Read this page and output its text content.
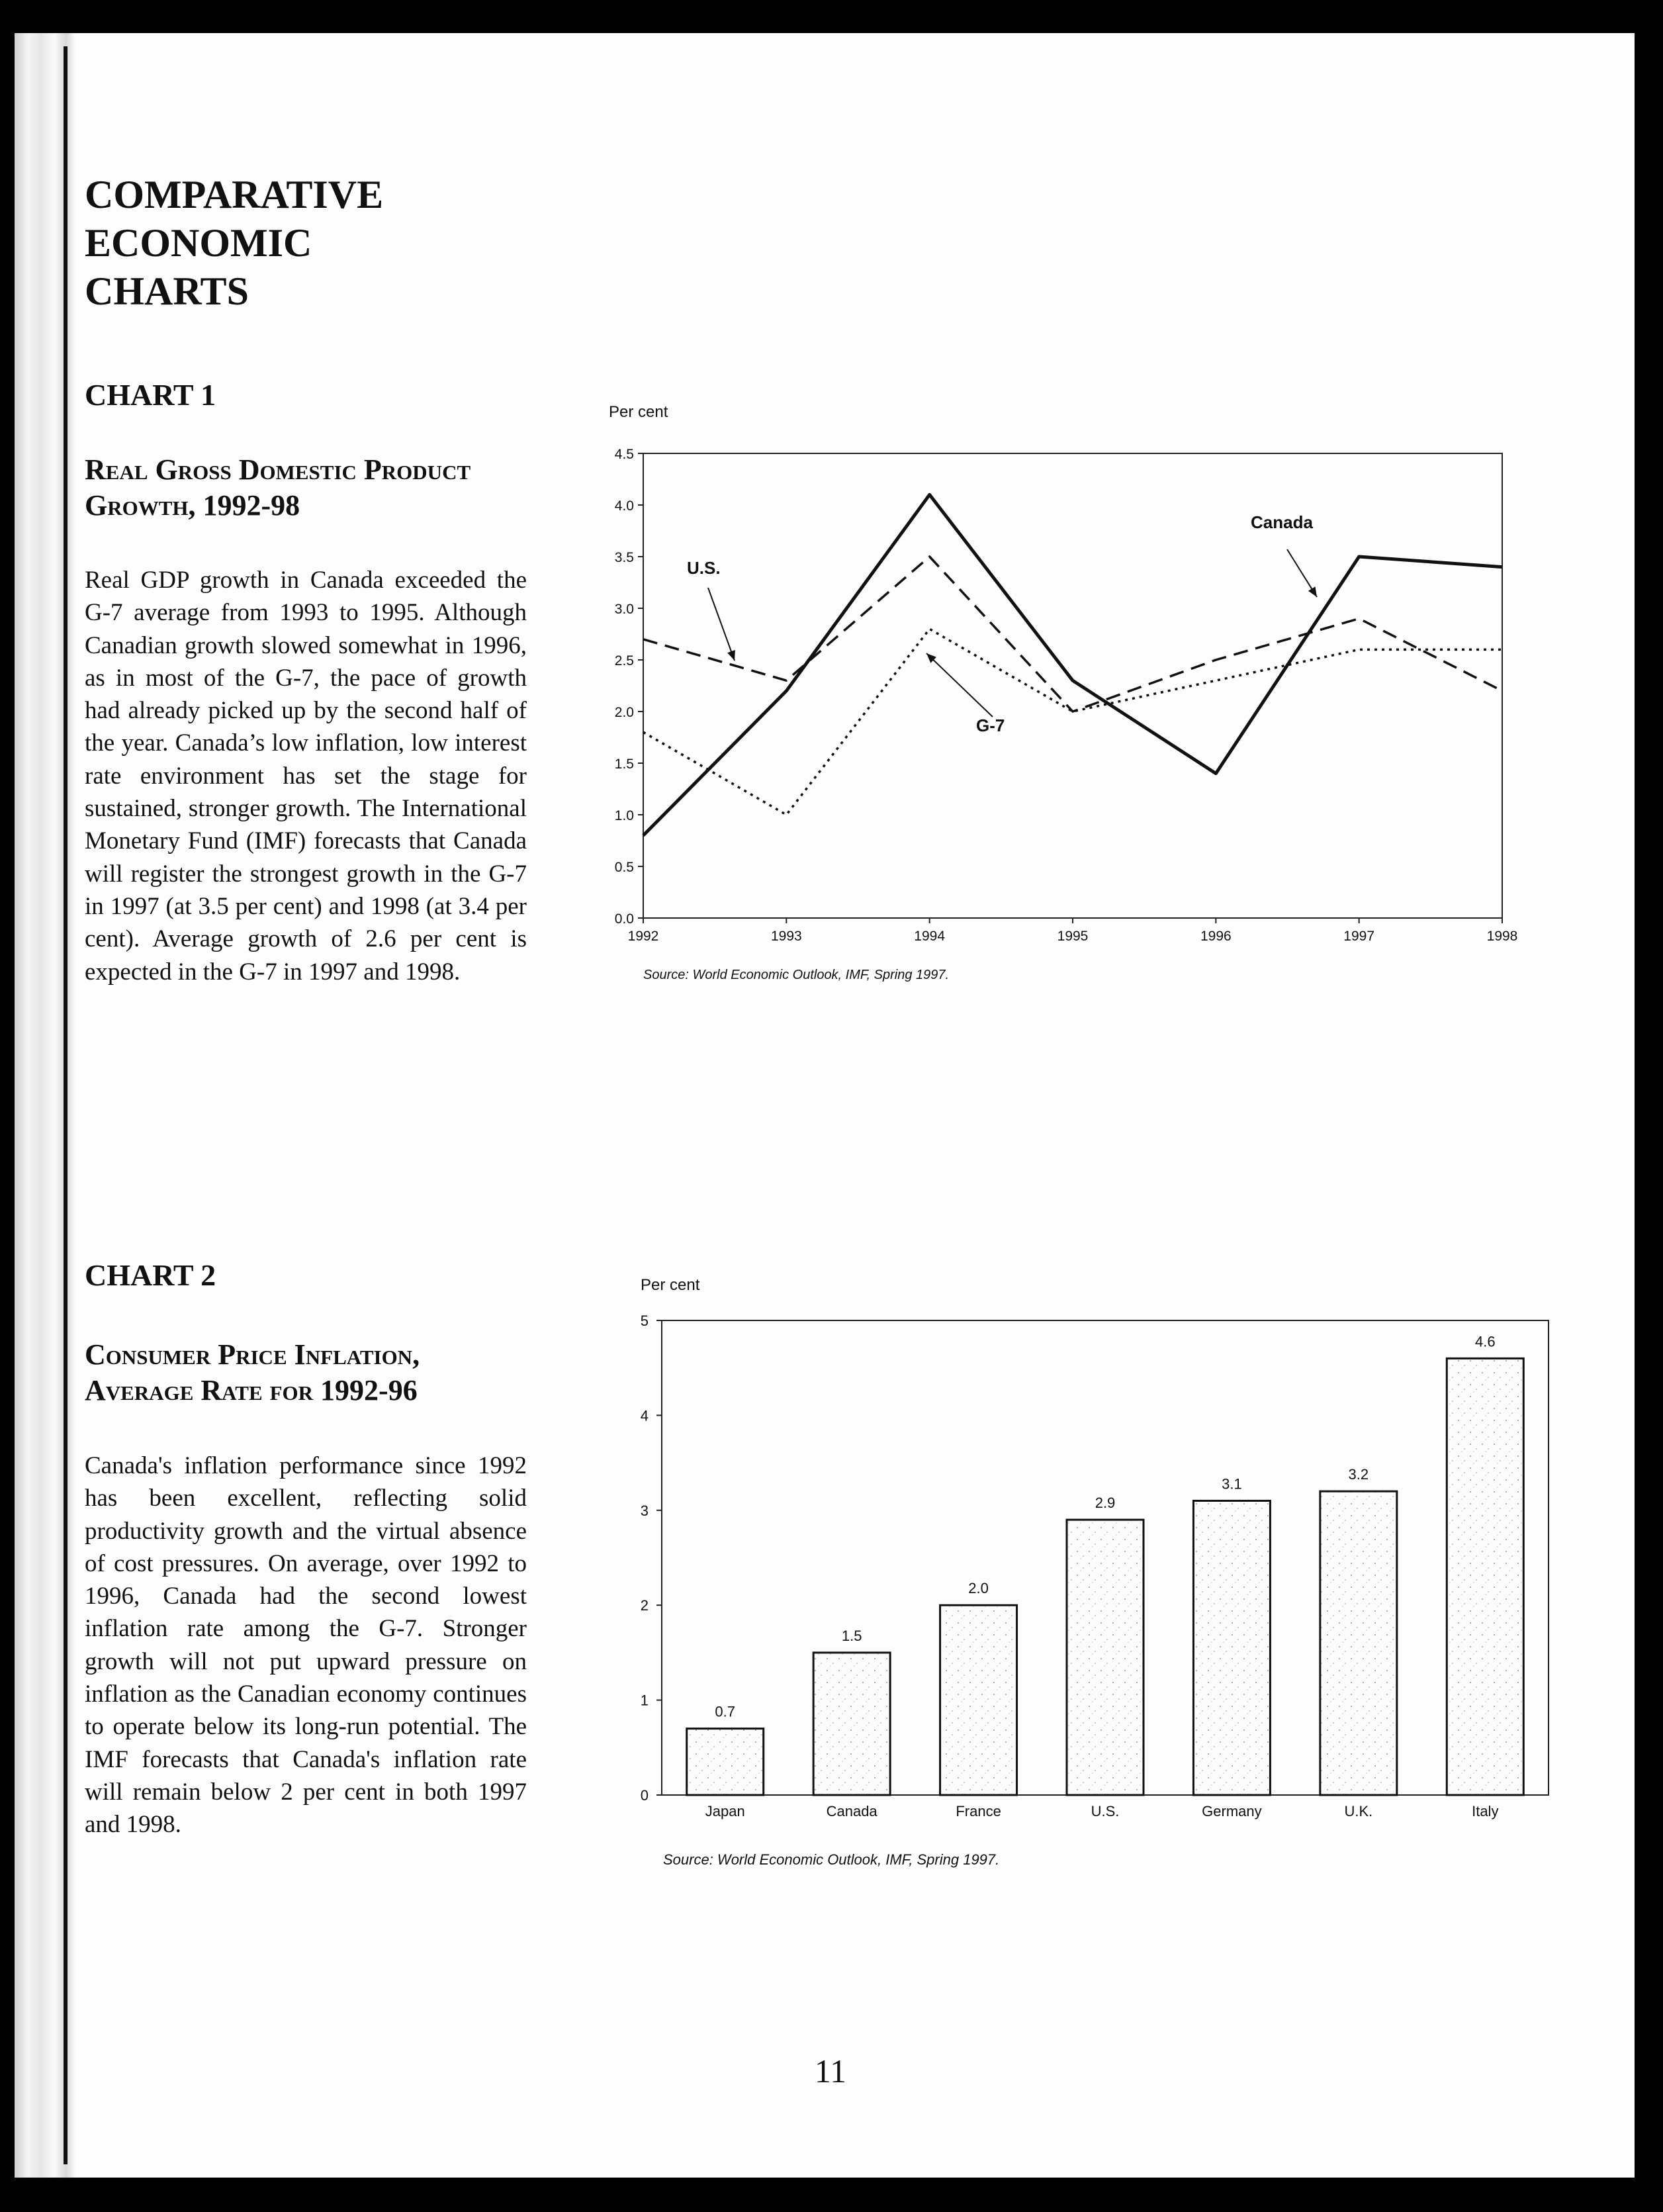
COMPARATIVE
ECONOMIC
CHARTS
CHART 1
Real Gross Domestic Product
Growth, 1992-98

Real GDP growth in Canada exceeded the G-7 average from 1993 to 1995. Although Canadian growth slowed somewhat in 1996, as in most of the G-7, the pace of growth had already picked up by the second half of the year. Canada’s low inflation, low interest rate environment has set the stage for sustained, stronger growth. The International Monetary Fund (IMF) forecasts that Canada will register the strongest growth in the G-7 in 1997 (at 3.5 per cent) and 1998 (at 3.4 per cent). Average growth of 2.6 per cent is expected in the G-7 in 1997 and 1998.

Per cent
0.0
0.5
1.0
1.5
2.0
2.5
3.0
3.5
4.0
4.5
1992	1993	1994	1995	1996	1997	1998
Canada
U.S.
G-7
Source: World Economic Outlook, IMF, Spring 1997.
CHART 2
Consumer Price Inflation,
Average Rate for 1992-96

Canada's inflation performance since 1992 has been excellent, reflecting solid productivity growth and the virtual absence of cost pressures. On average, over 1992 to 1996, Canada had the second lowest inflation rate among the G-7. Stronger growth will not put upward pressure on inflation as the Canadian economy continues to operate below its long-run potential. The IMF forecasts that Canada's inflation rate will remain below 2 per cent in both 1997 and 1998.

Per cent
0
1
2
3
4
5
0.7
Japan
1.5
Canada
2.0
France
2.9
U.S.
3.1
Germany
3.2
U.K.
4.6
Italy
Source: World Economic Outlook, IMF, Spring 1997.
11
